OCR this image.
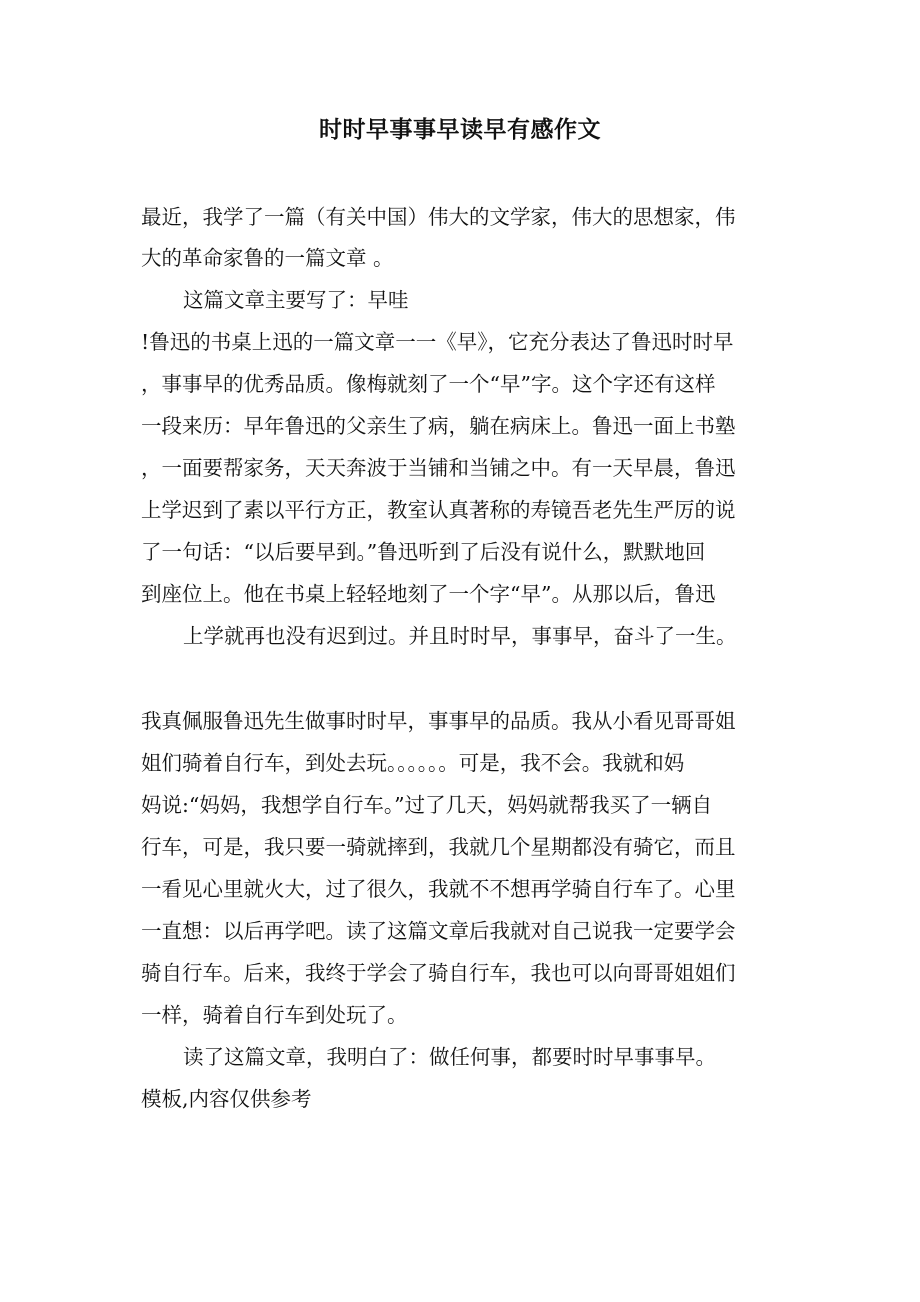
时时早事事早读早有感作文
最近，我学了一篇（有关中国）伟大的文学家，伟大的思想家，伟
大的革命家鲁的一篇文章 。
这篇文章主要写了：早哇
!鲁迅的书桌上迅的一篇文章一一《早》，它充分表达了鲁迅时时早
，事事早的优秀品质。像梅就刻了一个“早”字。这个字还有这样
一段来历：早年鲁迅的父亲生了病，躺在病床上。鲁迅一面上书塾
，一面要帮家务，天天奔波于当铺和当铺之中。有一天早晨，鲁迅
上学迟到了素以平行方正，教室认真著称的寿镜吾老先生严厉的说
了一句话：“以后要早到。”鲁迅听到了后没有说什么，默默地回
到座位上。他在书桌上轻轻地刻了一个字“早”。从那以后，鲁迅
上学就再也没有迟到过。并且时时早，事事早，奋斗了一生。
我真佩服鲁迅先生做事时时早，事事早的品质。我从小看见哥哥姐
姐们骑着自行车，到处去玩。。。。。。可是，我不会。我就和妈
妈说:“妈妈，我想学自行车。”过了几天，妈妈就帮我买了一辆自
行车，可是，我只要一骑就摔到，我就几个星期都没有骑它，而且
一看见心里就火大，过了很久，我就不不想再学骑自行车了。心里
一直想：以后再学吧。读了这篇文章后我就对自己说我一定要学会
骑自行车。后来，我终于学会了骑自行车，我也可以向哥哥姐姐们
一样，骑着自行车到处玩了。
读了这篇文章，我明白了：做任何事，都要时时早事事早。
模板,内容仅供参考
